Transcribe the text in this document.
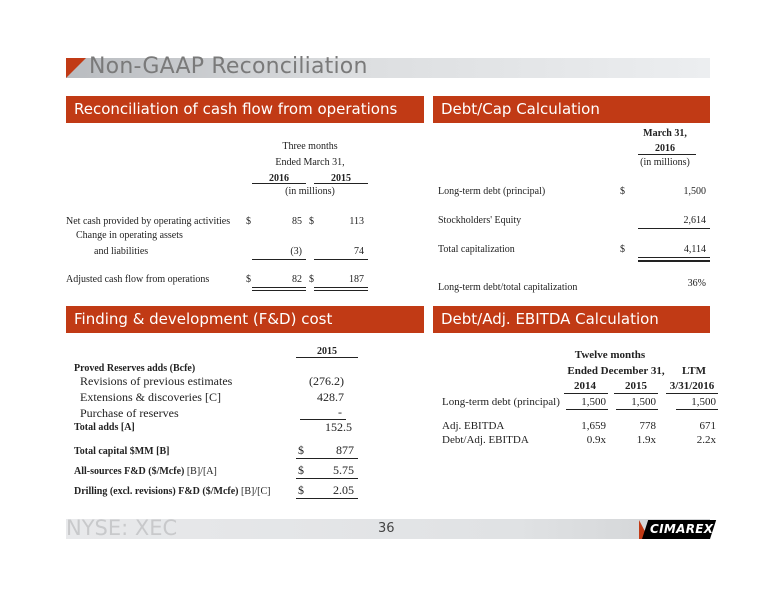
Non-GAAP Reconciliation
Reconciliation of cash flow from operations	Debt/Cap Calculation
Finding & development (F&D) cost	Debt/Adj. EBITDA Calculation
Three months
Ended March 31,
2016	2015
(in millions)
Net cash provided by operating activities $	85 $	113
Change in operating assets
and liabilities	(3)	74
Adjusted cash flow from operations	$	82 $	187
March 31,
2016
(in millions)
Long-term debt (principal)	$	1,500
Stockholders' Equity	2,614
Total capitalization	$	4,114
Long-term debt/total capitalization	36%
2015
Proved Reserves adds (Bcfe)
Revisions of previous estimates	(276.2)
Extensions & discoveries [C]	428.7
Purchase of reserves	-
Total adds [A]	152.5
Total capital $MM [B]	$	877
All-sources F&D ($/Mcfe) [B]/[A]	$	5.75
Drilling (excl. revisions) F&D ($/Mcfe) [B]/[C] $	2.05
Twelve months
Ended December 31,	LTM
2014	2015	3/31/2016
Long-term debt (principal)	1,500	1,500	1,500
Adj. EBITDA	1,659	778	671
Debt/Adj. EBITDA	0.9x	1.9x	2.2x
NYSE: XEC	36	CIMAREX
